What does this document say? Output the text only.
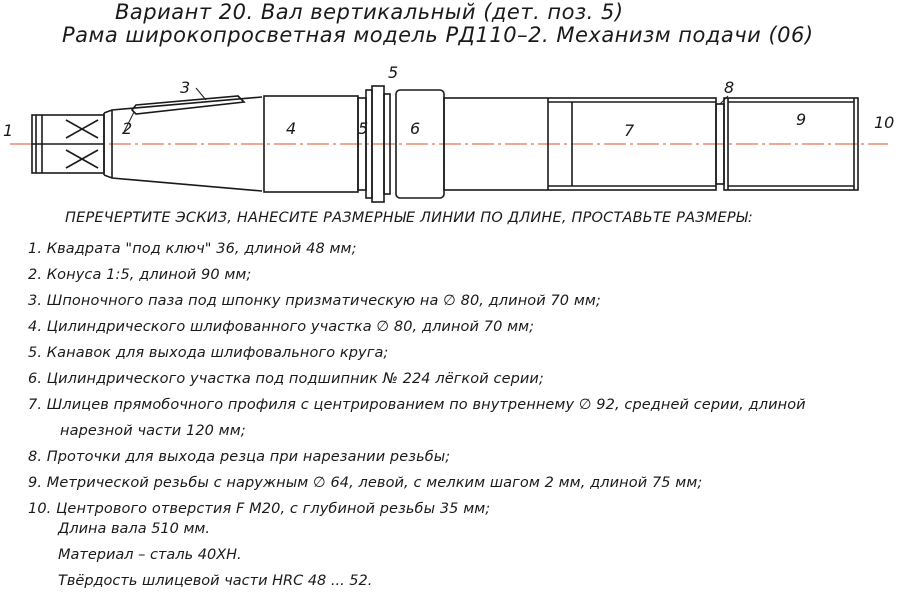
Вариант 20. Вал вертикальный (дет. поз. 5)
Рама широкопросветная модель РД110–2. Механизм подачи (06)
1	2
3
4
5
5	6	7
8
9	10
ПЕРЕЧЕРТИТЕ ЭСКИЗ, НАНЕСИТЕ РАЗМЕРНЫЕ ЛИНИИ ПО ДЛИНЕ, ПРОСТАВЬТЕ РАЗМЕРЫ:
1. Квадрата "под ключ" 36, длиной 48 мм;
2. Конуса 1:5, длиной 90 мм;
3. Шпоночного паза под шпонку призматическую на ∅ 80, длиной 70 мм;
4. Цилиндрического шлифованного участка ∅ 80, длиной 70 мм;
5. Канавок для выхода шлифовального круга;
6. Цилиндрического участка под подшипник № 224 лёгкой серии;
7. Шлицев прямобочного профиля с центрированием по внутреннему ∅ 92, средней серии, длиной
нарезной части 120 мм;
8. Проточки для выхода резца при нарезании резьбы;
9. Метрической резьбы с наружным ∅ 64, левой, с мелким шагом 2 мм, длиной 75 мм;
10. Центрового отверстия F M20, с глубиной резьбы 35 мм;
Длина вала 510 мм.
Материал – сталь 40ХН.
Твёрдость шлицевой части HRC 48 ... 52.
